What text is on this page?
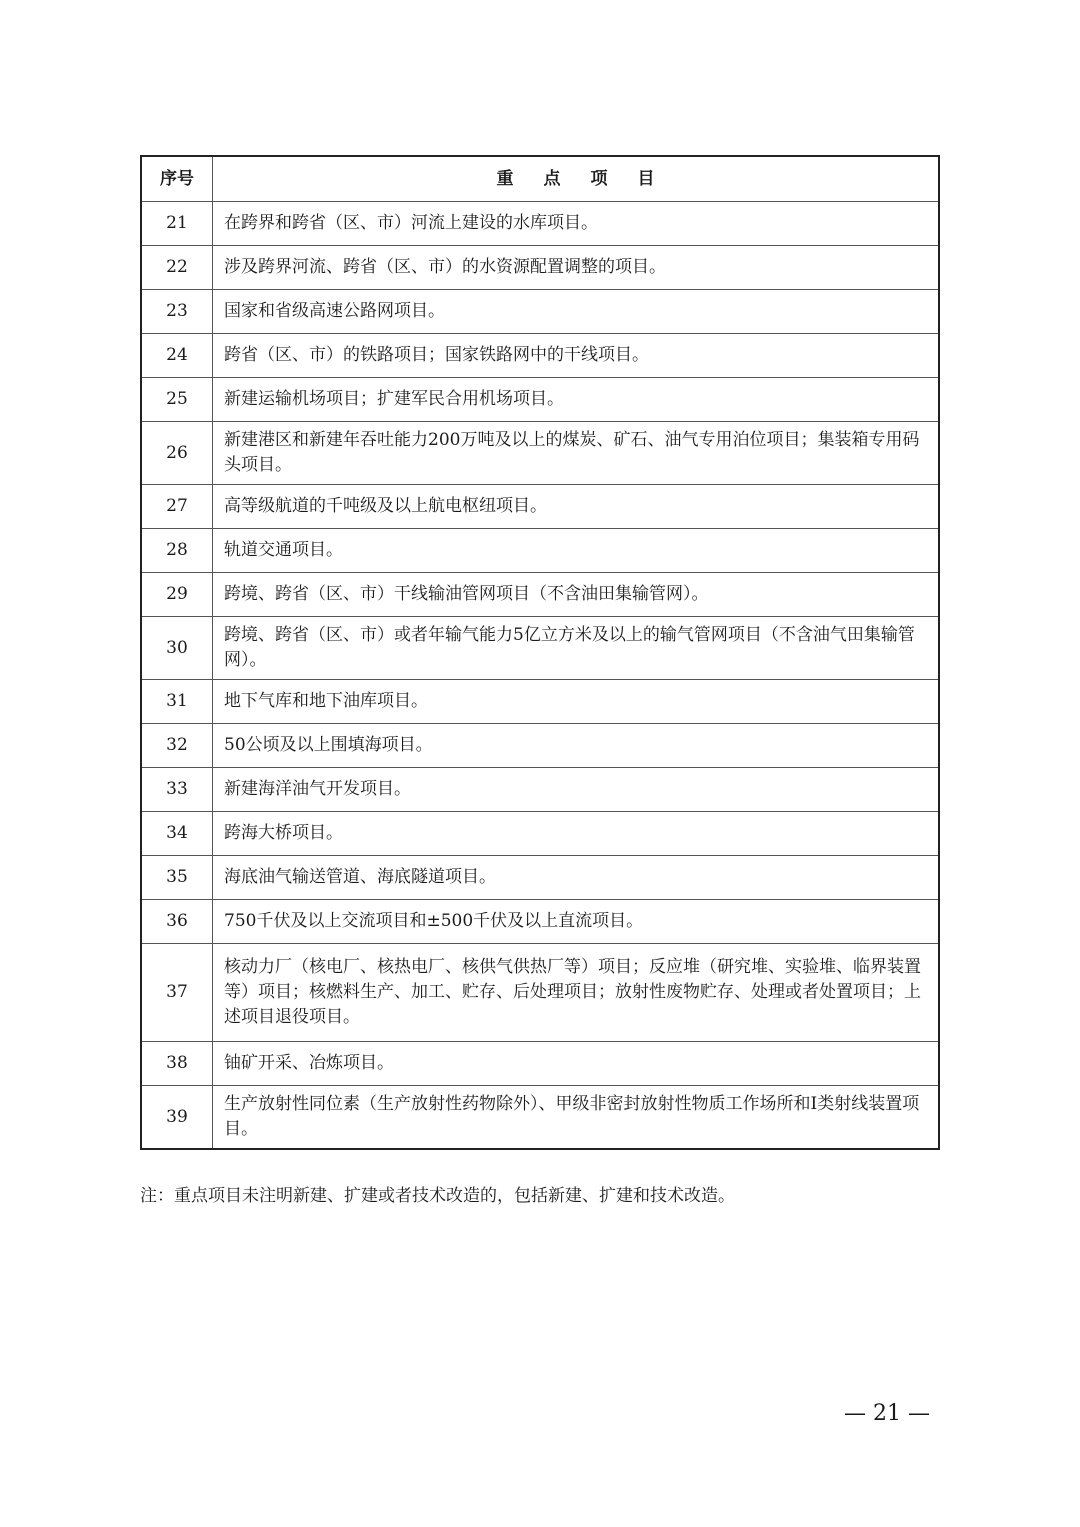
序号	重点项目
21	在跨界和跨省（区、市）河流上建设的水库项目。
22	涉及跨界河流、跨省（区、市）的水资源配置调整的项目。
23	国家和省级高速公路网项目。
24	跨省（区、市）的铁路项目；国家铁路网中的干线项目。
25	新建运输机场项目；扩建军民合用机场项目。
26	新建港区和新建年吞吐能力200万吨及以上的煤炭、矿石、油气专用泊位项目；集装箱专用码头项目。
27	高等级航道的千吨级及以上航电枢纽项目。
28	轨道交通项目。
29	跨境、跨省（区、市）干线输油管网项目（不含油田集输管网）。
30	跨境、跨省（区、市）或者年输气能力5亿立方米及以上的输气管网项目（不含油气田集输管网）。
31	地下气库和地下油库项目。
32	50公顷及以上围填海项目。
33	新建海洋油气开发项目。
34	跨海大桥项目。
35	海底油气输送管道、海底隧道项目。
36	750千伏及以上交流项目和±500千伏及以上直流项目。
37	核动力厂（核电厂、核热电厂、核供气供热厂等）项目；反应堆（研究堆、实验堆、临界装置等）项目；核燃料生产、加工、贮存、后处理项目；放射性废物贮存、处理或者处置项目；上述项目退役项目。
38	铀矿开采、冶炼项目。
39	生产放射性同位素（生产放射性药物除外）、甲级非密封放射性物质工作场所和Ⅰ类射线装置项目。
注：重点项目未注明新建、扩建或者技术改造的，包括新建、扩建和技术改造。
— 21 —
